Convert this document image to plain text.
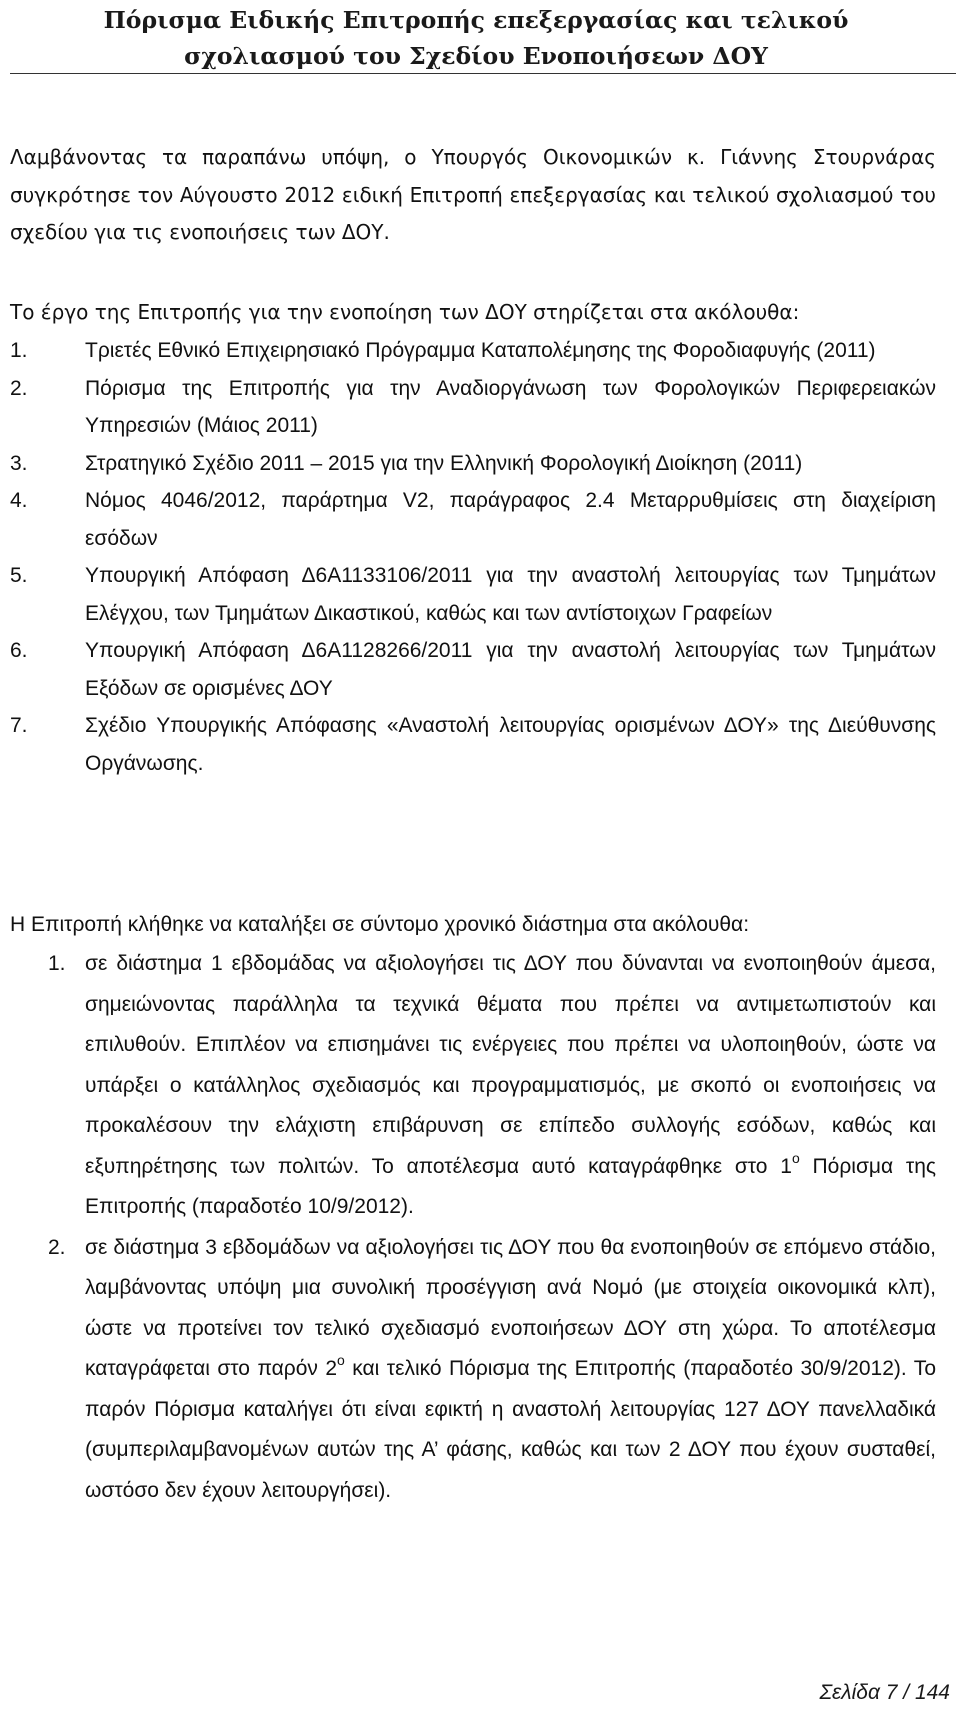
Πόρισμα Ειδικής Επιτροπής επεξεργασίας και τελικού
σχολιασμού του Σχεδίου Ενοποιήσεων ΔΟΥ

Λαμβάνοντας τα παραπάνω υπόψη, ο Υπουργός Οικονομικών κ. Γιάννης Στουρνάρας συγκρότησε τον Αύγουστο 2012 ειδική Επιτροπή επεξεργασίας και τελικού σχολιασμού του σχεδίου για τις ενοποιήσεις των ΔΟΥ.

Το έργο της Επιτροπής για την ενοποίηση των ΔΟΥ στηρίζεται στα ακόλουθα:

1.	Τριετές Εθνικό Επιχειρησιακό Πρόγραμμα Καταπολέμησης της Φοροδιαφυγής (2011)
2.	Πόρισμα της Επιτροπής για την Αναδιοργάνωση των Φορολογικών Περιφερειακών Υπηρεσιών (Μάιος 2011)
3.	Στρατηγικό Σχέδιο 2011 – 2015 για την Ελληνική Φορολογική Διοίκηση (2011)
4.	Νόμος 4046/2012, παράρτημα V2, παράγραφος 2.4 Μεταρρυθμίσεις στη διαχείριση εσόδων
5.	Υπουργική Απόφαση Δ6Α1133106/2011 για την αναστολή λειτουργίας των Τμημάτων Ελέγχου, των Τμημάτων Δικαστικού, καθώς και των αντίστοιχων Γραφείων
6.	Υπουργική Απόφαση Δ6Α1128266/2011 για την αναστολή λειτουργίας των Τμημάτων Εξόδων σε ορισμένες ΔΟΥ
7.	Σχέδιο Υπουργικής Απόφασης «Αναστολή λειτουργίας ορισμένων ΔΟΥ» της Διεύθυνσης Οργάνωσης.

Η Επιτροπή κλήθηκε να καταλήξει σε σύντομο χρονικό διάστημα στα ακόλουθα:

1. σε διάστημα 1 εβδομάδας να αξιολογήσει τις ΔΟΥ που δύνανται να ενοποιηθούν άμεσα, σημειώνοντας παράλληλα τα τεχνικά θέματα που πρέπει να αντιμετωπιστούν και επιλυθούν. Επιπλέον να επισημάνει τις ενέργειες που πρέπει να υλοποιηθούν, ώστε να υπάρξει ο κατάλληλος σχεδιασμός και προγραμματισμός, με σκοπό οι ενοποιήσεις να προκαλέσουν την ελάχιστη επιβάρυνση σε επίπεδο συλλογής εσόδων, καθώς και εξυπηρέτησης των πολιτών. Το αποτέλεσμα αυτό καταγράφθηκε στο $1^o$ Πόρισμα της Επιτροπής (παραδοτέο 10/9/2012).
2. σε διάστημα 3 εβδομάδων να αξιολογήσει τις ΔΟΥ που θα ενοποιηθούν σε επόμενο στάδιο, λαμβάνοντας υπόψη μια συνολική προσέγγιση ανά Νομό (με στοιχεία οικονομικά κλπ), ώστε να προτείνει τον τελικό σχεδιασμό ενοποιήσεων ΔΟΥ στη χώρα. Το αποτέλεσμα καταγράφεται στο παρόν $2^o$ και τελικό Πόρισμα της Επιτροπής (παραδοτέο 30/9/2012). Το παρόν Πόρισμα καταλήγει ότι είναι εφικτή η αναστολή λειτουργίας 127 ΔΟΥ πανελλαδικά (συμπεριλαμβανομένων αυτών της Α’ φάσης, καθώς και των 2 ΔΟΥ που έχουν συσταθεί, ωστόσο δεν έχουν λειτουργήσει).
Σελίδα 7 / 144
